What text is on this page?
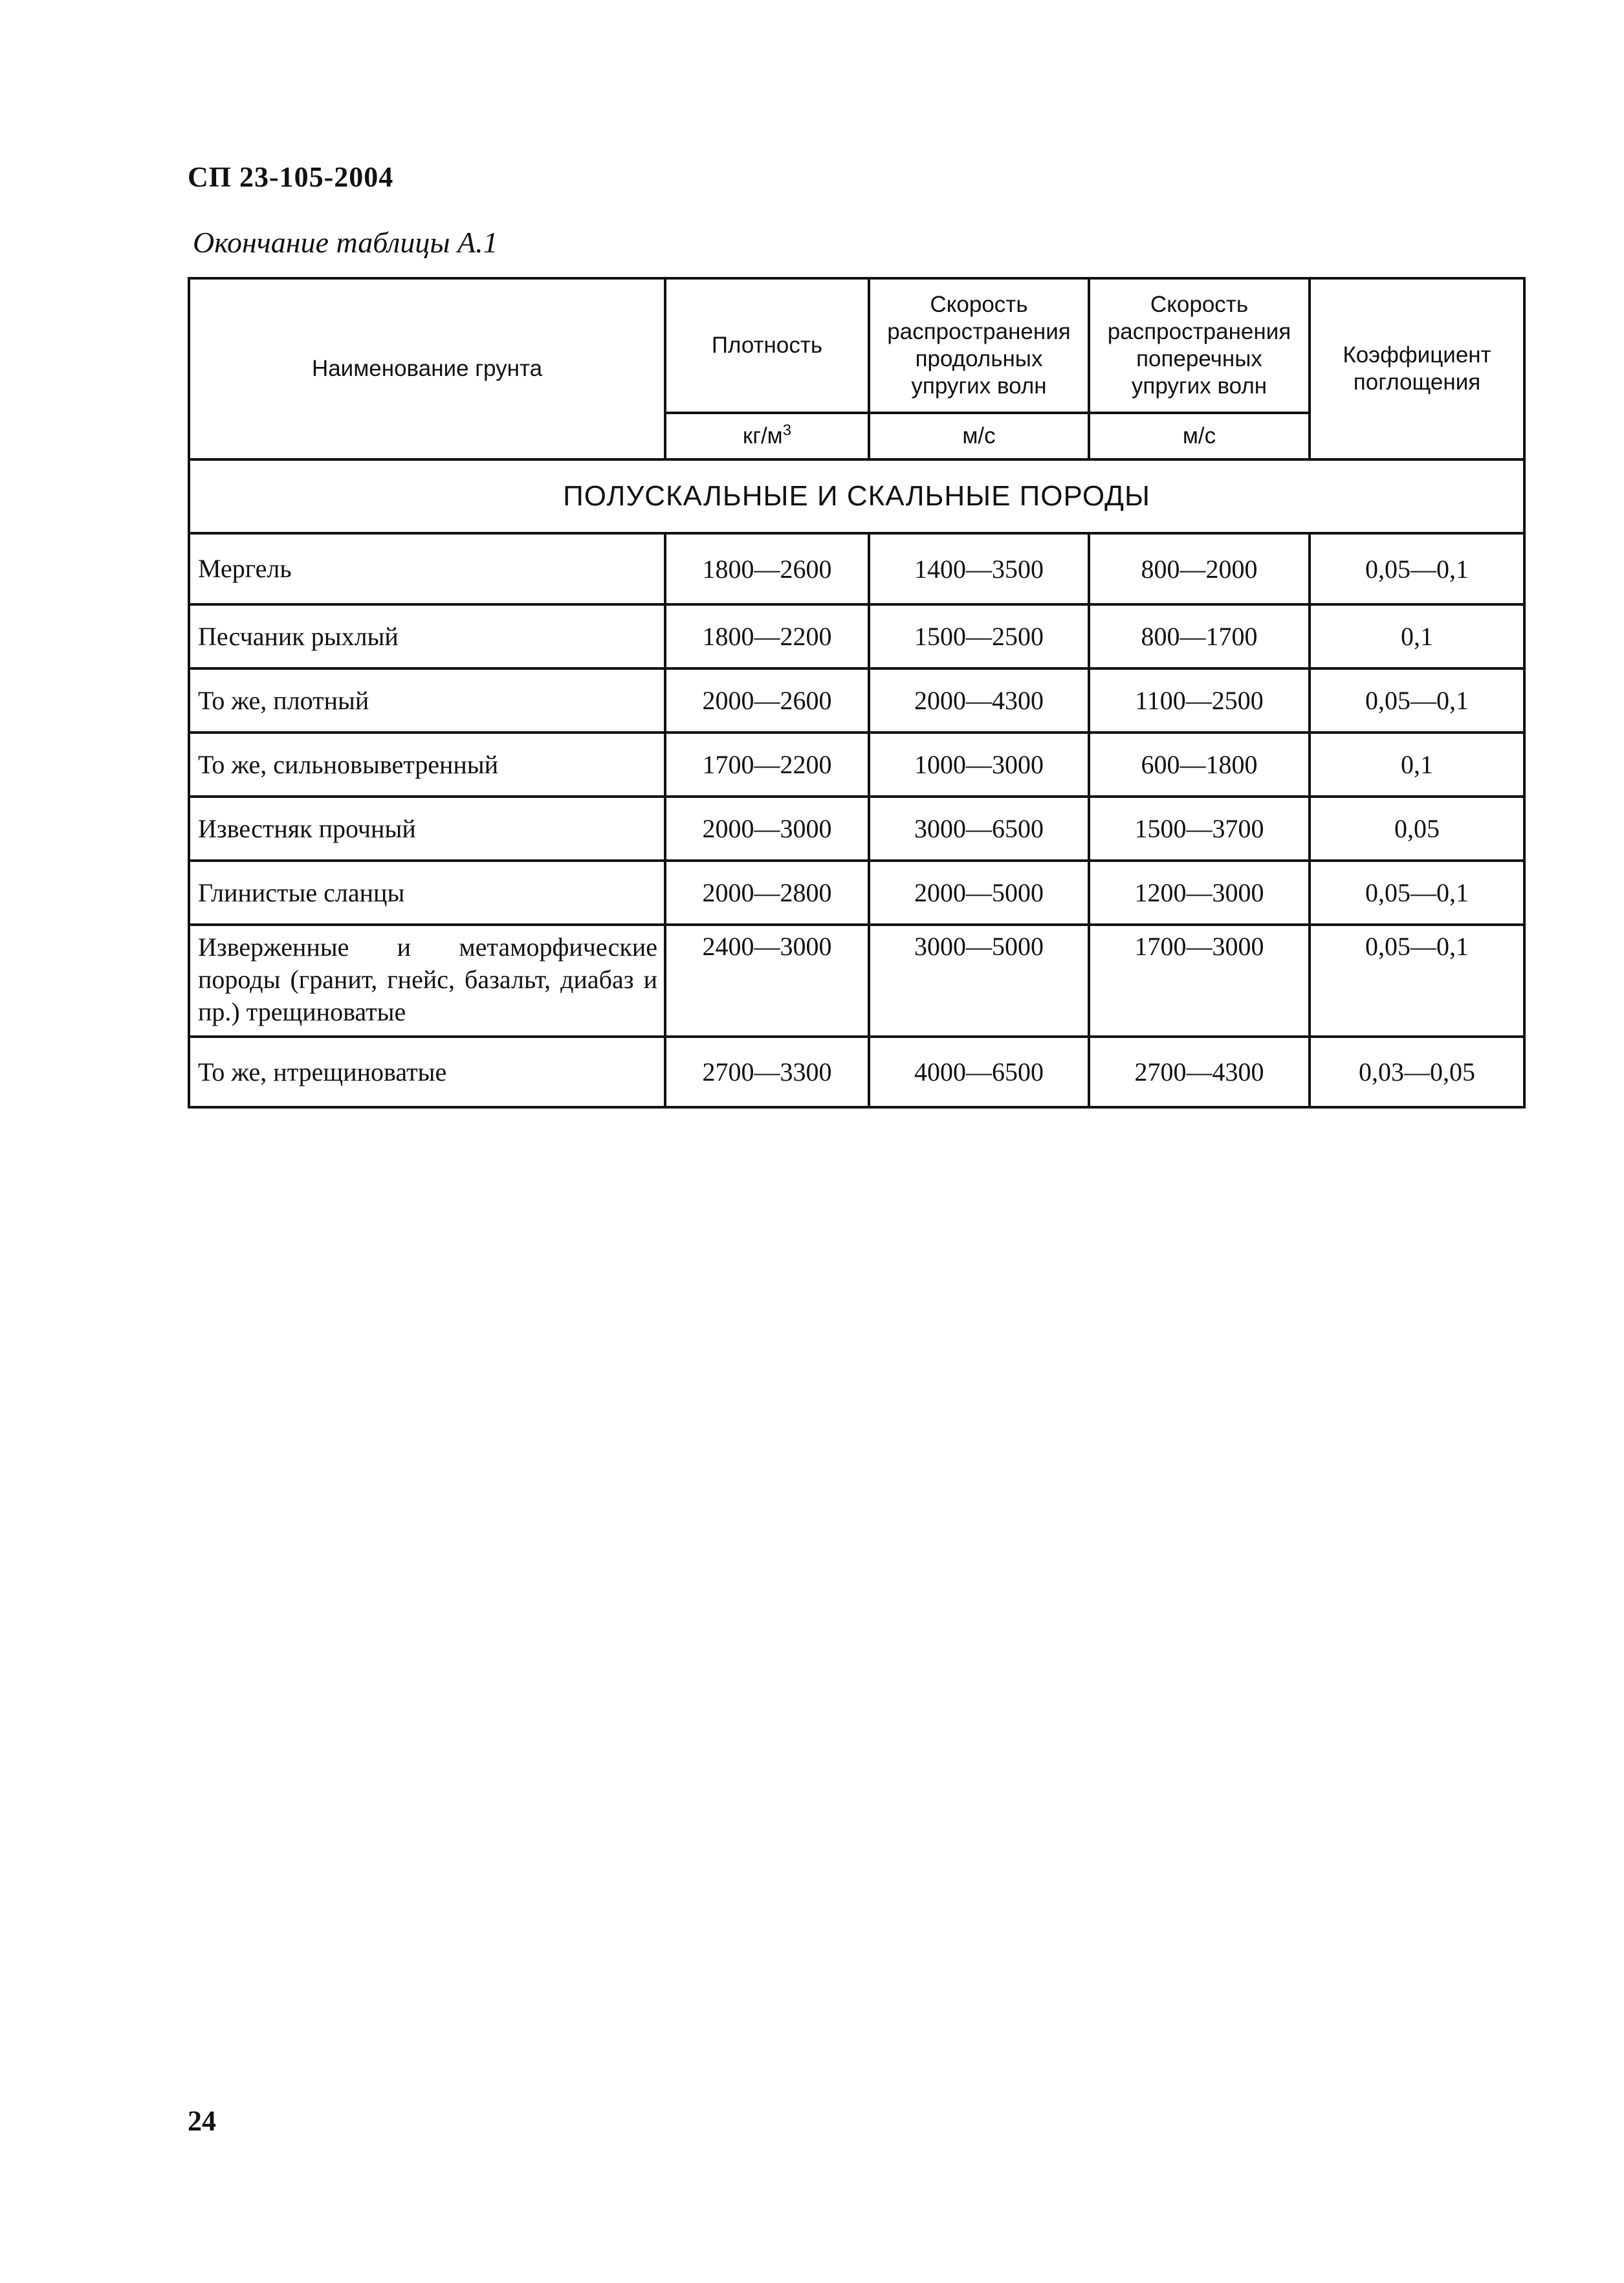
СП 23-105-2004
Окончание таблицы А.1
Наименование грунта	Плотность	Скорость распространения продольных упругих волн	Скорость распространения поперечных упругих волн	Коэффициент поглощения
	$кг/м^3$	м/с	м/с	
ПОЛУСКАЛЬНЫЕ И СКАЛЬНЫЕ ПОРОДЫ				
Мергель	1800—2600	1400—3500	800—2000	0,05—0,1
Песчаник рыхлый	1800—2200	1500—2500	800—1700	0,1
То же, плотный	2000—2600	2000—4300	1100—2500	0,05—0,1
То же, сильновыветренный	1700—2200	1000—3000	600—1800	0,1
Известняк прочный	2000—3000	3000—6500	1500—3700	0,05
Глинистые сланцы	2000—2800	2000—5000	1200—3000	0,05—0,1
Изверженные и метаморфические породы (гранит, гнейс, базальт, диабаз и пр.) трещиноватые	2400—3000	3000—5000	1700—3000	0,05—0,1
То же, нтрещиноватые	2700—3300	4000—6500	2700—4300	0,03—0,05
24
